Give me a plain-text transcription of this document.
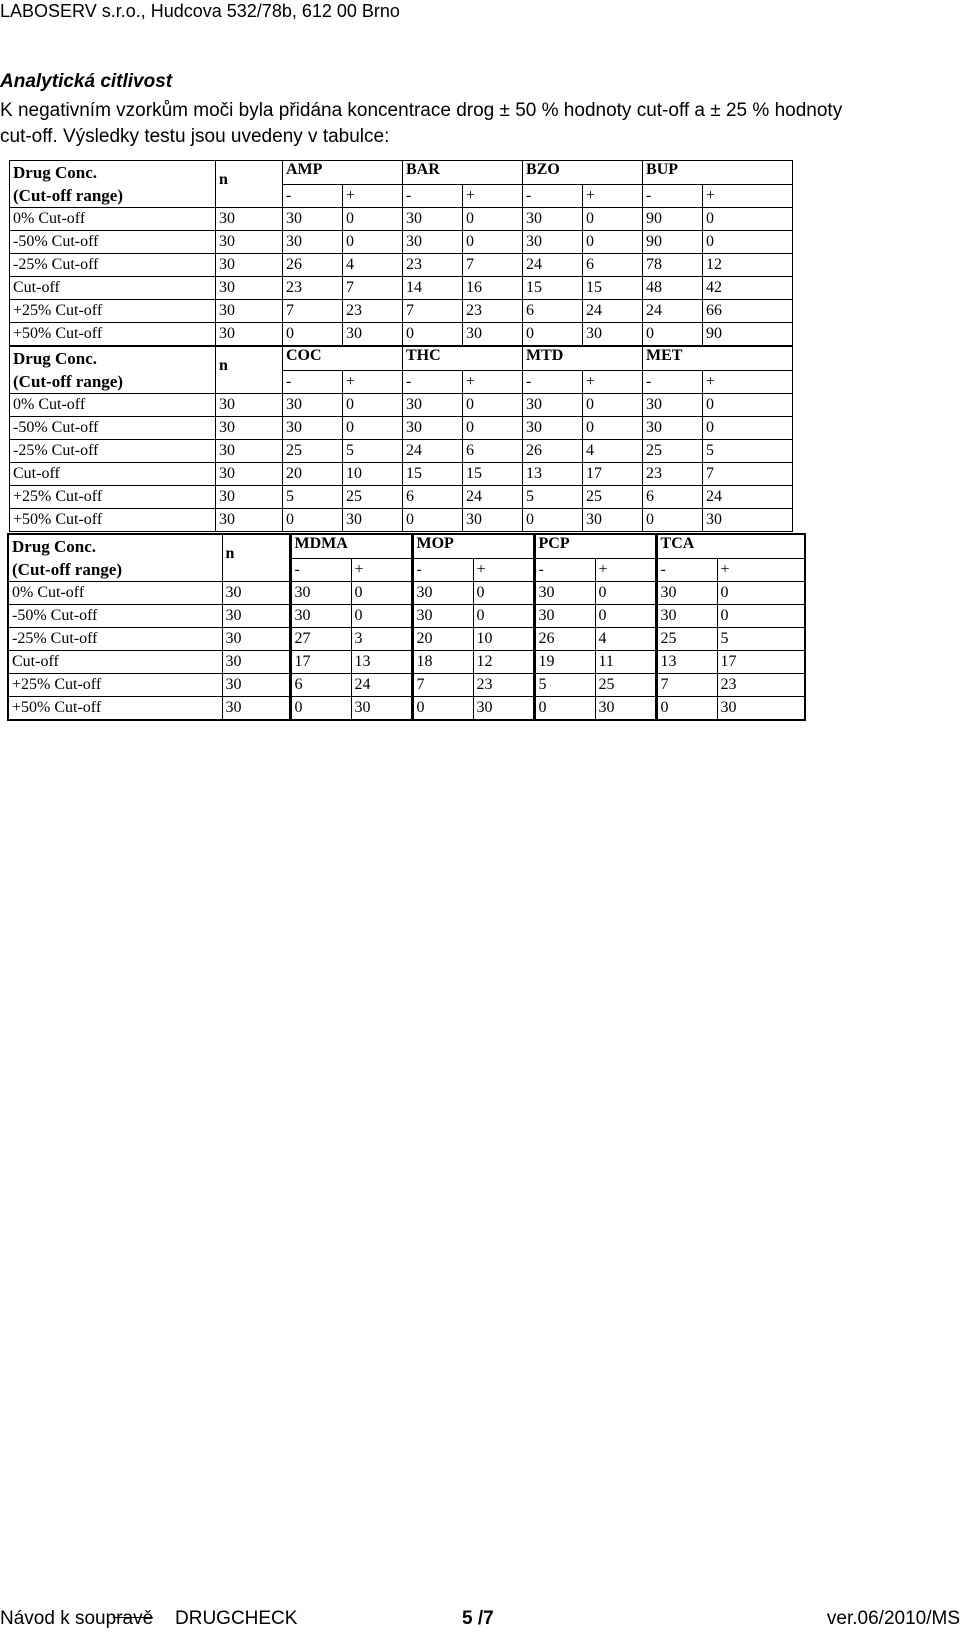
LABOSERV s.r.o., Hudcova 532/78b, 612 00 Brno
Analytická citlivost
K negativním vzorkům moči byla přidána koncentrace drog ± 50 % hodnoty cut-off a ± 25 % hodnoty
cut-off. Výsledky testu jsou uvedeny v tabulce:
Drug Conc.
(Cut-off range)	n	AMP		BAR		BZO		BUP	
		-	+	-	+	-	+	-	+
0% Cut-off	30	30	0	30	0	30	0	90	0
-50% Cut-off	30	30	0	30	0	30	0	90	0
-25% Cut-off	30	26	4	23	7	24	6	78	12
Cut-off	30	23	7	14	16	15	15	48	42
+25% Cut-off	30	7	23	7	23	6	24	24	66
+50% Cut-off	30	0	30	0	30	0	30	0	90
Drug Conc.
(Cut-off range)	n	COC		THC		MTD		MET	
		-	+	-	+	-	+	-	+
0% Cut-off	30	30	0	30	0	30	0	30	0
-50% Cut-off	30	30	0	30	0	30	0	30	0
-25% Cut-off	30	25	5	24	6	26	4	25	5
Cut-off	30	20	10	15	15	13	17	23	7
+25% Cut-off	30	5	25	6	24	5	25	6	24
+50% Cut-off	30	0	30	0	30	0	30	0	30
Drug Conc.
(Cut-off range)	n	MDMA		MOP		PCP		TCA	
		-	+	-	+	-	+	-	+
0% Cut-off	30	30	0	30	0	30	0	30	0
-50% Cut-off	30	30	0	30	0	30	0	30	0
-25% Cut-off	30	27	3	20	10	26	4	25	5
Cut-off	30	17	13	18	12	19	11	13	17
+25% Cut-off	30	6	24	7	23	5	25	7	23
+50% Cut-off	30	0	30	0	30	0	30	0	30
Návod k soupravě DRUGCHECK	5 /7	ver.06/2010/MS
